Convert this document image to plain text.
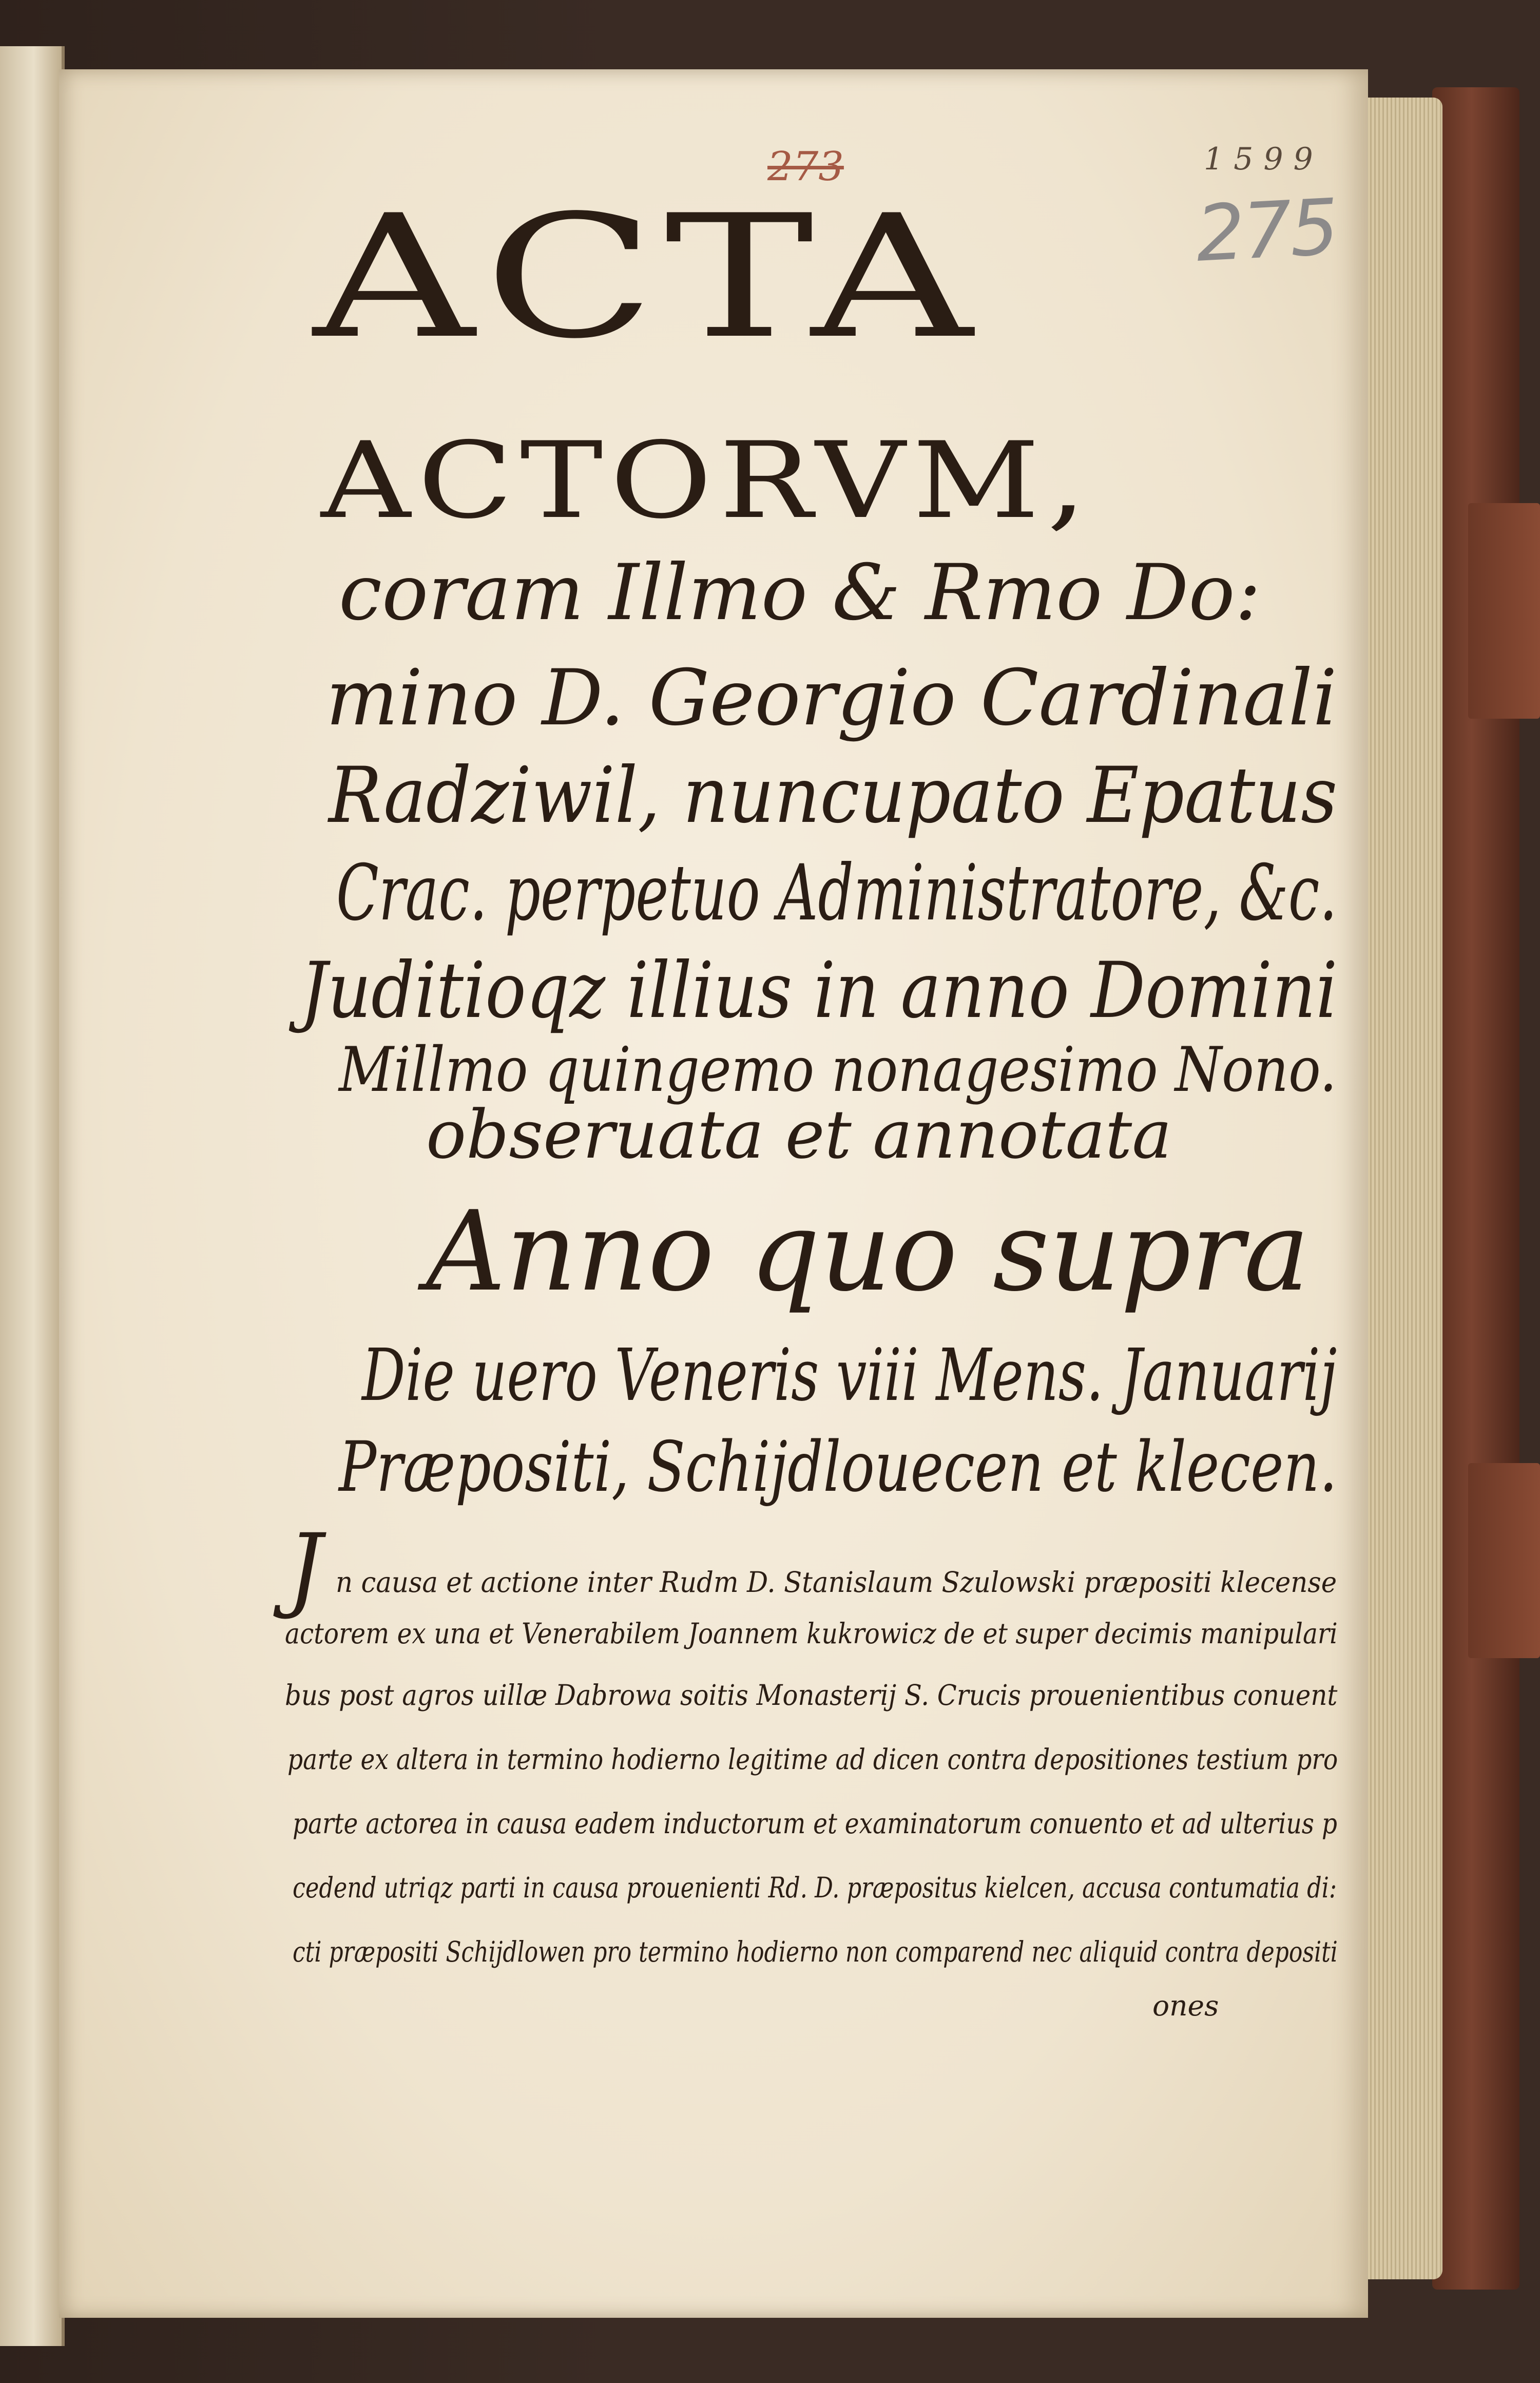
273	1599
275
ACTA
ACTORVM,
coram Illmo & Rmo Do:
mino D. Georgio Cardinali
Radziwil, nuncupato Epatus
Crac. perpetuo Administratore, &c.
Juditioqz illius in anno Domini
Millmo quingemo nonagesimo Nono.
obseruata et annotata
Anno quo supra
Die uero Veneris viii Mens. Januarij
Præpositi, Schijdlouecen et klecen.
J n causa et actione inter Rudm D. Stanislaum Szulowski præpositi klecense
actorem ex una et Venerabilem Joannem kukrowicz de et super decimis manipulari
bus post agros uillæ Dabrowa soitis Monasterij S. Crucis prouenientibus conuent
parte ex altera in termino hodierno legitime ad dicen contra depositiones testium pro
parte actorea in causa eadem inductorum et examinatorum conuento et ad ulterius p
cedend utriqz parti in causa prouenienti Rd. D. præpositus kielcen, accusa contumatia di:
cti præpositi Schijdlowen pro termino hodierno non comparend nec aliquid contra depositi
ones
